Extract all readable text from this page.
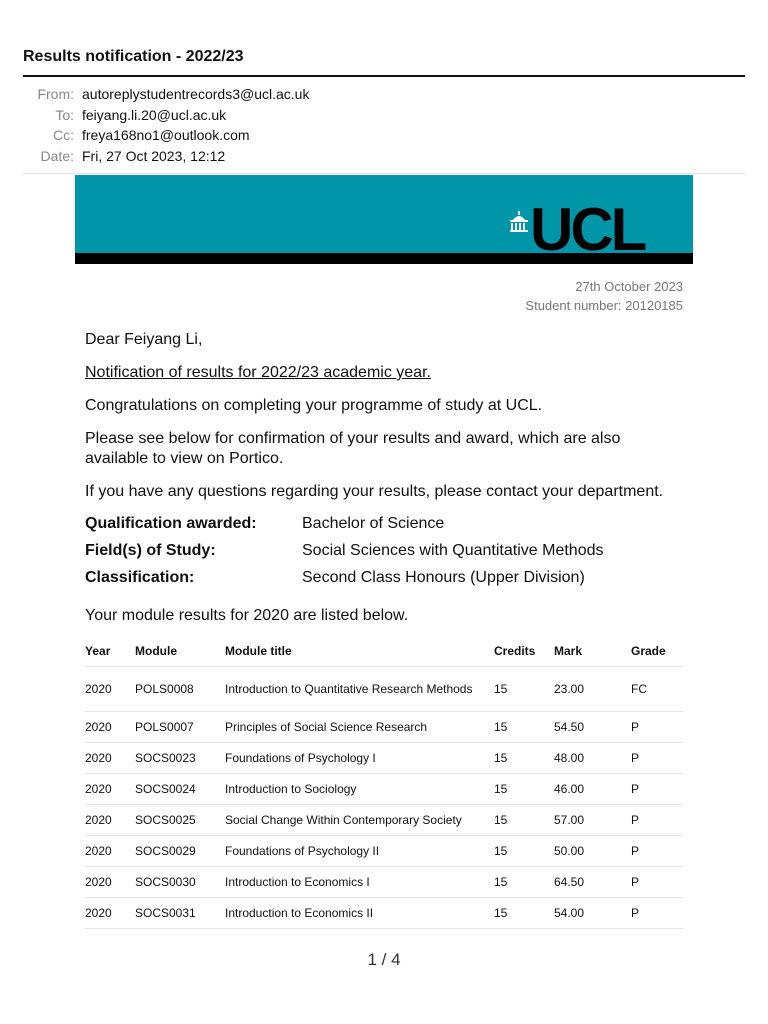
Results notification - 2022/23
From: autoreplystudentrecords3@ucl.ac.uk
To: feiyang.li.20@ucl.ac.uk
Cc: freya168no1@outlook.com
Date: Fri, 27 Oct 2023, 12:12
UCL
27th October 2023
Student number: 20120185
Dear Feiyang Li,
Notification of results for 2022/23 academic year.
Congratulations on completing your programme of study at UCL.
Please see below for confirmation of your results and award, which are also available to view on Portico.
If you have any questions regarding your results, please contact your department.
Qualification awarded:	Bachelor of Science
Field(s) of Study:	Social Sciences with Quantitative Methods
Classification:	Second Class Honours (Upper Division)
Your module results for 2020 are listed below.
Year	Module	Module title	Credits	Mark	Grade
2020	POLS0008	Introduction to Quantitative Research Methods	15	23.00	FC
2020	POLS0007	Principles of Social Science Research	15	54.50	P
2020	SOCS0023	Foundations of Psychology I	15	48.00	P
2020	SOCS0024	Introduction to Sociology	15	46.00	P
2020	SOCS0025	Social Change Within Contemporary Society	15	57.00	P
2020	SOCS0029	Foundations of Psychology II	15	50.00	P
2020	SOCS0030	Introduction to Economics I	15	64.50	P
2020	SOCS0031	Introduction to Economics II	15	54.00	P
1 / 4
